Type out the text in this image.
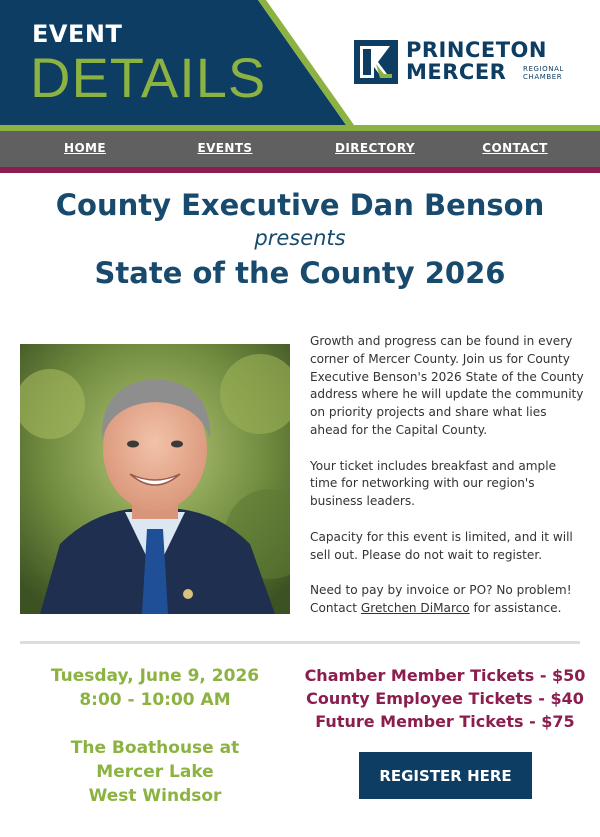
EVENT
DETAILS	PRINCETON
MERCER REGIONAL
CHAMBER
HOME	EVENTS	DIRECTORY	CONTACT
County Executive Dan Benson
presents
State of the County 2026

Growth and progress can be found in every corner of Mercer County. Join us for County Executive Benson's 2026 State of the County address where he will update the community on priority projects and share what lies ahead for the Capital County.

Your ticket includes breakfast and ample time for networking with our region's business leaders.

Capacity for this event is limited, and it will sell out. Please do not wait to register.

Need to pay by invoice or PO? No problem! Contact Gretchen DiMarco for assistance.

Tuesday, June 9, 2026
8:00 - 10:00 AM
The Boathouse at Mercer Lake
West Windsor
Chamber Member Tickets - $50
County Employee Tickets - $40
Future Member Tickets - $75
REGISTER HERE
